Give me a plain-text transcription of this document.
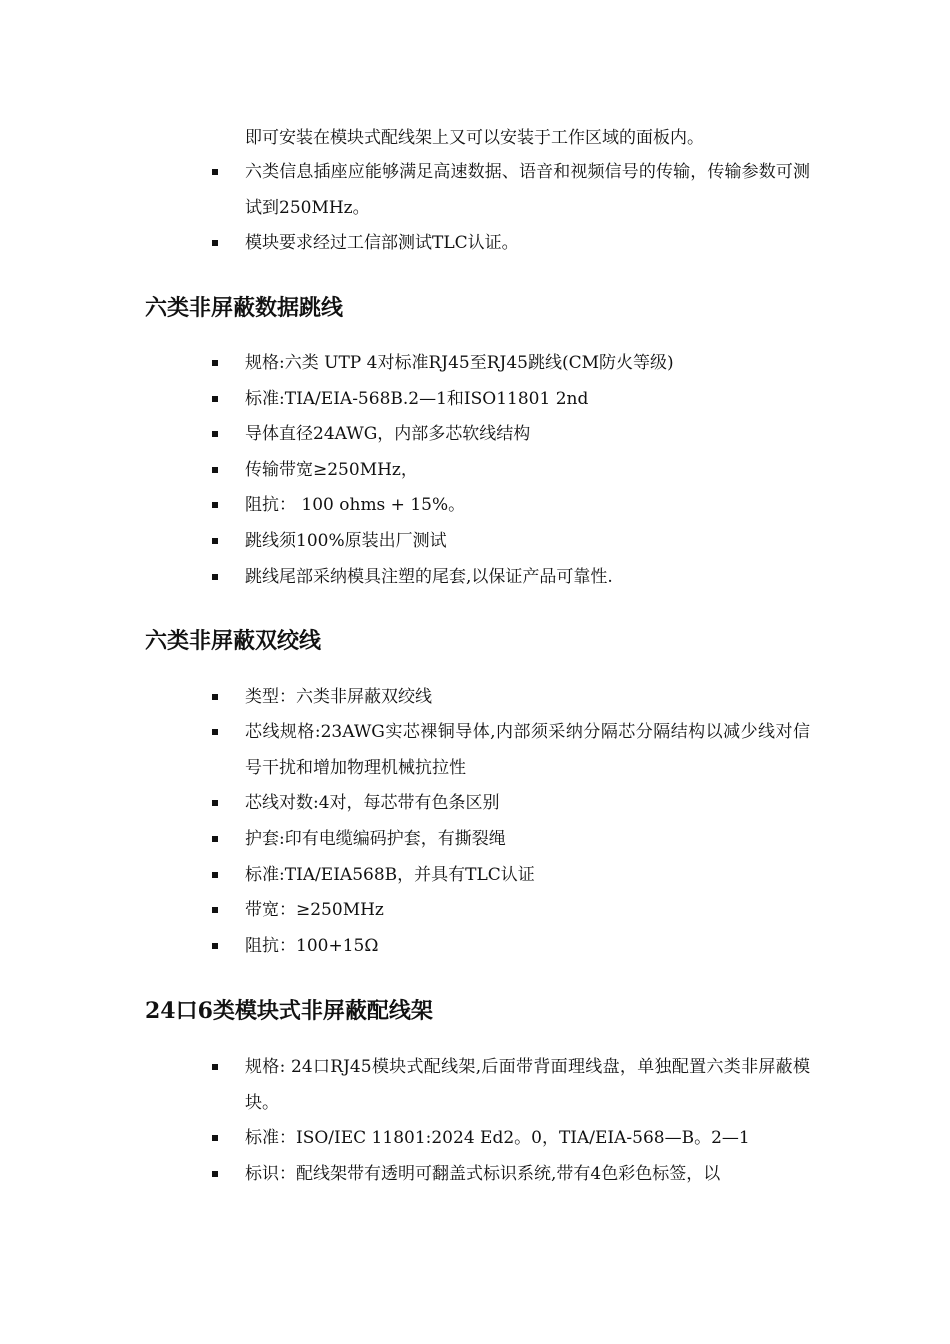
即可安装在模块式配线架上又可以安装于工作区域的面板内。
六类信息插座应能够满足高速数据、语音和视频信号的传输，传输参数可测试到250MHz。
模块要求经过工信部测试TLC认证。
六类非屏蔽数据跳线
规格:六类 UTP 4对标准RJ45至RJ45跳线(CM防火等级)
标准:TIA/EIA-568B.2—1和ISO11801 2nd
导体直径24AWG，内部多芯软线结构
传输带宽≥250MHz，
阻抗： 100 ohms + 15%。
跳线须100%原装出厂测试
跳线尾部采纳模具注塑的尾套,以保证产品可靠性.
六类非屏蔽双绞线
类型：六类非屏蔽双绞线
芯线规格:23AWG实芯裸铜导体,内部须采纳分隔芯分隔结构以减少线对信号干扰和增加物理机械抗拉性
芯线对数:4对，每芯带有色条区别
护套:印有电缆编码护套，有撕裂绳
标准:TIA/EIA568B，并具有TLC认证
带宽：≥250MHz
阻抗：100+15Ω
24口6类模块式非屏蔽配线架
规格: 24口RJ45模块式配线架,后面带背面理线盘，单独配置六类非屏蔽模块。
标准：ISO/IEC 11801:2024 Ed2。0，TIA/EIA-568—B。2—1
标识：配线架带有透明可翻盖式标识系统,带有4色彩色标签，以
